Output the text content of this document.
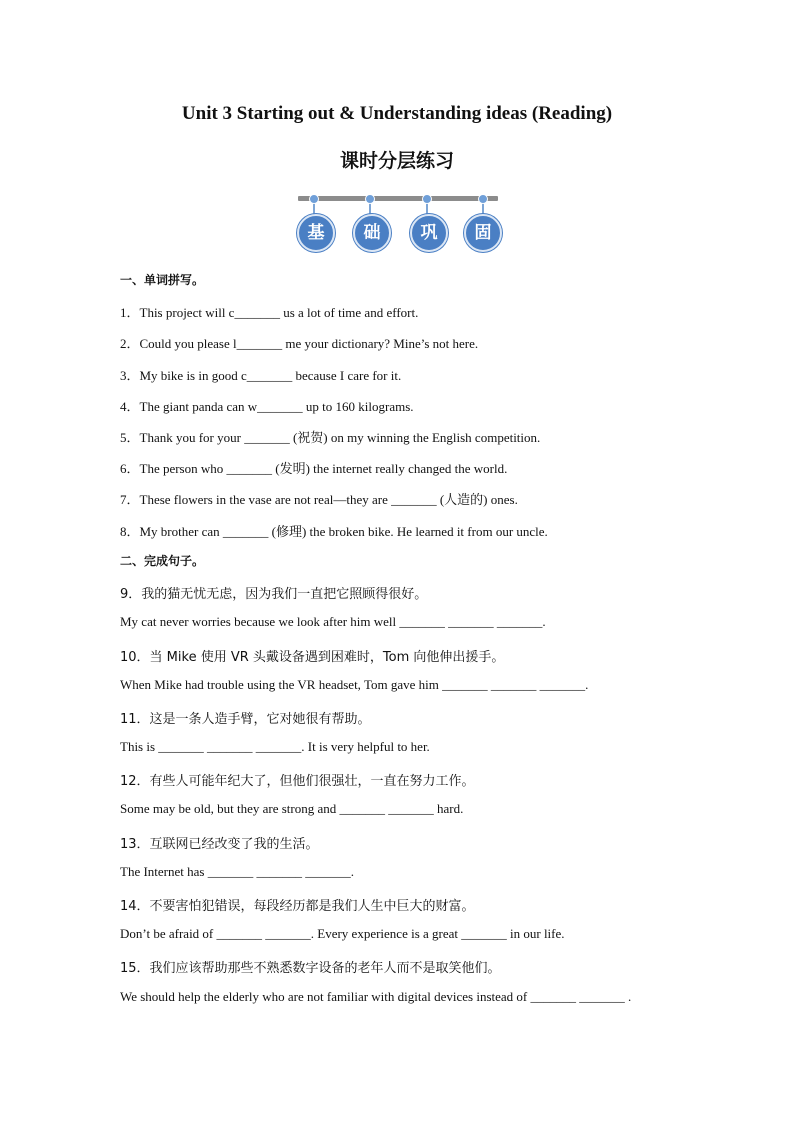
Unit 3 Starting out & Understanding ideas (Reading)
课时分层练习
基	础	巩	固
一、单词拼写。
1．This project will c_______ us a lot of time and effort.
2．Could you please l_______ me your dictionary? Mine’s not here.
3．My bike is in good c_______ because I care for it.
4．The giant panda can w_______ up to 160 kilograms.
5．Thank you for your _______ (祝贺) on my winning the English competition.
6．The person who _______ (发明) the internet really changed the world.
7．These flowers in the vase are not real—they are _______ (人造的) ones.
8．My brother can _______ (修理) the broken bike. He learned it from our uncle.
二、完成句子。
9．我的猫无忧无虑，因为我们一直把它照顾得很好。
My cat never worries because we look after him well _______ _______ _______.
10．当 Mike 使用 VR 头戴设备遇到困难时，Tom 向他伸出援手。
When Mike had trouble using the VR headset, Tom gave him _______ _______ _______.
11．这是一条人造手臂，它对她很有帮助。
This is _______ _______ _______. It is very helpful to her.
12．有些人可能年纪大了，但他们很强壮，一直在努力工作。
Some may be old, but they are strong and _______ _______ hard.
13．互联网已经改变了我的生活。
The Internet has _______ _______ _______.
14．不要害怕犯错误，每段经历都是我们人生中巨大的财富。
Don’t be afraid of _______ _______. Every experience is a great _______ in our life.
15．我们应该帮助那些不熟悉数字设备的老年人而不是取笑他们。
We should help the elderly who are not familiar with digital devices instead of _______ _______ .
